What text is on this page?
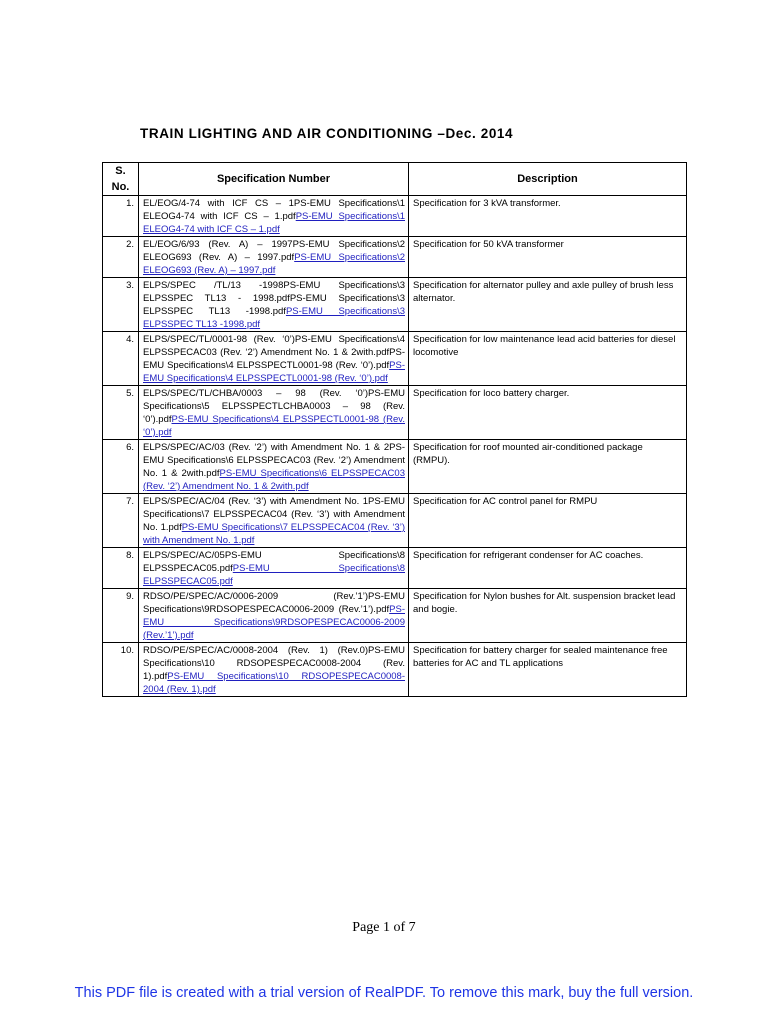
TRAIN LIGHTING AND AIR CONDITIONING –Dec. 2014
S.
No.	Specification Number	Description
1.	EL/EOG/4-74 with ICF CS – 1PS-EMU Specifications\1 ELEOG4-74 with ICF CS – 1.pdfPS-EMU Specifications\1 ELEOG4-74 with ICF CS – 1.pdf	Specification for 3 kVA transformer.
2.	EL/EOG/6/93 (Rev. A) – 1997PS-EMU Specifications\2 ELEOG693 (Rev. A) – 1997.pdfPS-EMU Specifications\2 ELEOG693 (Rev. A) – 1997.pdf	Specification for 50 kVA transformer
3.	ELPS/SPEC /TL/13 -1998PS-EMU Specifications\3 ELPSSPEC TL13 - 1998.pdfPS-EMU Specifications\3 ELPSSPEC TL13 -1998.pdfPS-EMU Specifications\3 ELPSSPEC TL13 -1998.pdf	Specification for alternator pulley and axle pulley of brush less alternator.
4.	ELPS/SPEC/TL/0001-98 (Rev. ‘0’)PS-EMU Specifications\4 ELPSSPECAC03 (Rev. ‘2’) Amendment No. 1 & 2with.pdfPS-EMU Specifications\4 ELPSSPECTL0001-98 (Rev. ‘0’).pdfPS-EMU Specifications\4 ELPSSPECTL0001-98 (Rev. ‘0’).pdf	Specification for low maintenance lead acid batteries for diesel locomotive
5.	ELPS/SPEC/TL/CHBA/0003 – 98 (Rev. ‘0’)PS-EMU Specifications\5 ELPSSPECTLCHBA0003 – 98 (Rev. ‘0’).pdfPS-EMU Specifications\4 ELPSSPECTL0001-98 (Rev. ‘0’).pdf	Specification for loco battery charger.
6.	ELPS/SPEC/AC/03 (Rev. ‘2’) with Amendment No. 1 & 2PS-EMU Specifications\6 ELPSSPECAC03 (Rev. ‘2’) Amendment No. 1 & 2with.pdfPS-EMU Specifications\6 ELPSSPECAC03 (Rev. ‘2’) Amendment No. 1 & 2with.pdf	Specification for roof mounted air-conditioned package (RMPU).
7.	ELPS/SPEC/AC/04 (Rev. ‘3’) with Amendment No. 1PS-EMU Specifications\7 ELPSSPECAC04 (Rev. ‘3’) with Amendment No. 1.pdfPS-EMU Specifications\7 ELPSSPECAC04 (Rev. ‘3’) with Amendment No. 1.pdf	Specification for AC control panel for RMPU
8.	ELPS/SPEC/AC/05PS-EMU Specifications\8 ELPSSPECAC05.pdfPS-EMU Specifications\8 ELPSSPECAC05.pdf	Specification for refrigerant condenser for AC coaches.
9.	RDSO/PE/SPEC/AC/0006-2009 (Rev.’1’)PS-EMU Specifications\9RDSOPESPECAC0006-2009 (Rev.’1’).pdfPS-EMU Specifications\9RDSOPESPECAC0006-2009 (Rev.’1’).pdf	Specification for Nylon bushes for Alt. suspension bracket lead and bogie.
10.	RDSO/PE/SPEC/AC/0008-2004 (Rev. 1) (Rev.0)PS-EMU Specifications\10 RDSOPESPECAC0008-2004 (Rev. 1).pdfPS-EMU Specifications\10 RDSOPESPECAC0008-2004 (Rev. 1).pdf	Specification for battery charger for sealed maintenance free batteries for AC and TL applications
Page 1 of 7
This PDF file is created with a trial version of RealPDF. To remove this mark, buy the full version.
